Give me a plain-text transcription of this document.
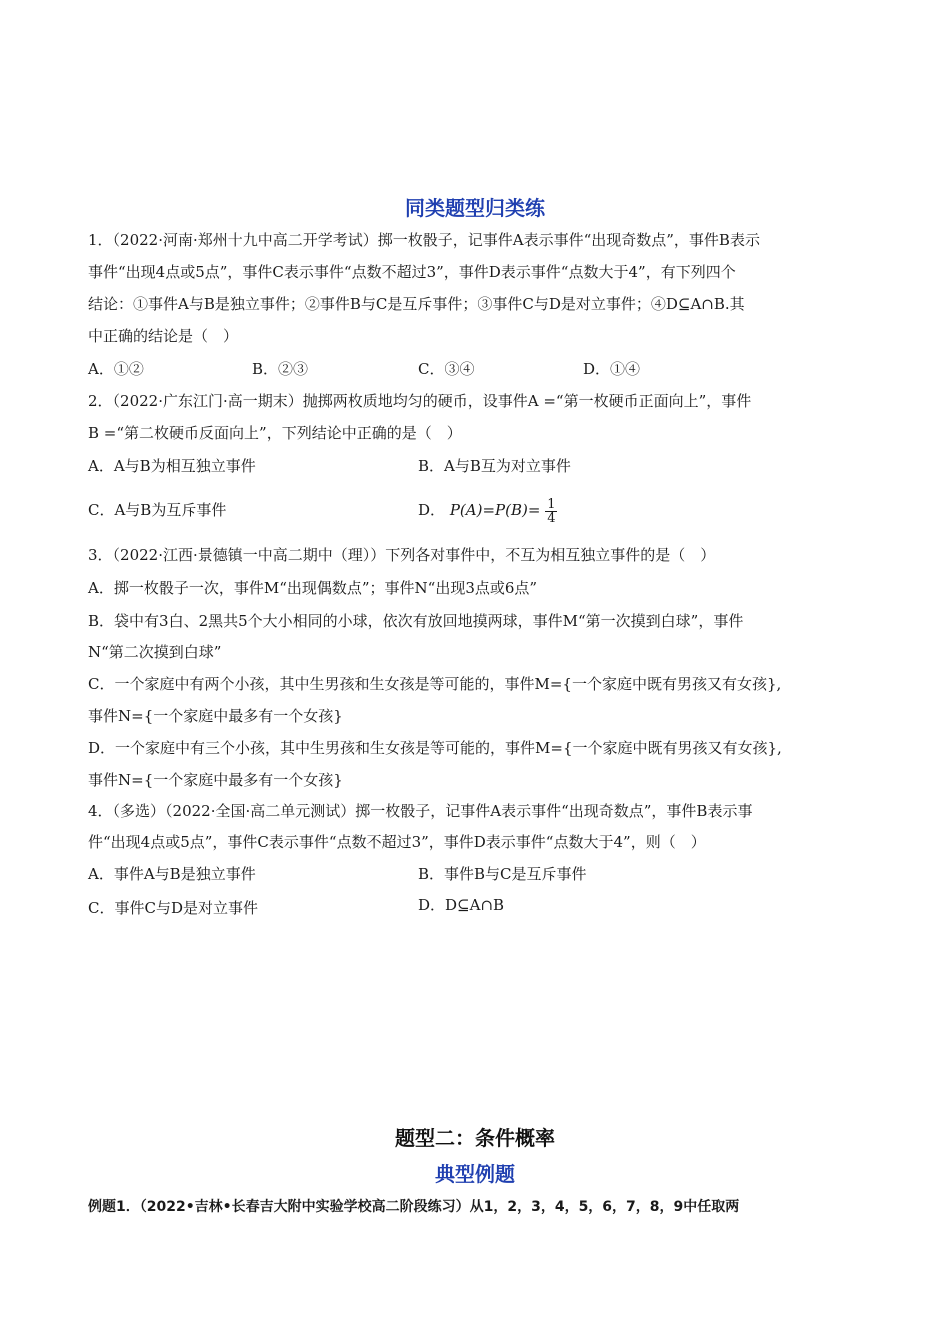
同类题型归类练
1．（2022·河南·郑州十九中高二开学考试）掷一枚骰子，记事件A表示事件“出现奇数点”，事件B表示
事件“出现4点或5点”，事件C表示事件“点数不超过3”，事件D表示事件“点数大于4”，有下列四个
结论：①事件A与B是独立事件；②事件B与C是互斥事件；③事件C与D是对立事件；④D⊆A∩B.其
中正确的结论是（　）
A．①②	B．②③	C．③④	D．①④
2．（2022·广东江门·高一期末）抛掷两枚质地均匀的硬币，设事件A =“第一枚硬币正面向上”，事件
B =“第二枚硬币反面向上”，下列结论中正确的是（　）
A．A与B为相互独立事件	B．A与B互为对立事件
C．A与B为互斥事件	D． $P(A)=P(B)= \frac{1}{4}$
3．（2022·江西·景德镇一中高二期中（理））下列各对事件中，不互为相互独立事件的是（　）
A．掷一枚骰子一次，事件M“出现偶数点”；事件N“出现3点或6点”
B．袋中有3白、2黑共5个大小相同的小球，依次有放回地摸两球，事件M“第一次摸到白球”，事件
N“第二次摸到白球”
C．一个家庭中有两个小孩，其中生男孩和生女孩是等可能的，事件M={一个家庭中既有男孩又有女孩},
事件N={一个家庭中最多有一个女孩}
D．一个家庭中有三个小孩，其中生男孩和生女孩是等可能的，事件M={一个家庭中既有男孩又有女孩},
事件N={一个家庭中最多有一个女孩}
4．（多选）（2022·全国·高二单元测试）掷一枚骰子，记事件A表示事件“出现奇数点”，事件B表示事
件“出现4点或5点”，事件C表示事件“点数不超过3”，事件D表示事件“点数大于4”，则（　）
A．事件A与B是独立事件	B．事件B与C是互斥事件
C．事件C与D是对立事件	D．D⊆A∩B
题型二：条件概率
典型例题
例题1．（2022•吉林•长春吉大附中实验学校高二阶段练习）从1，2，3，4，5，6，7，8，9中任取两
